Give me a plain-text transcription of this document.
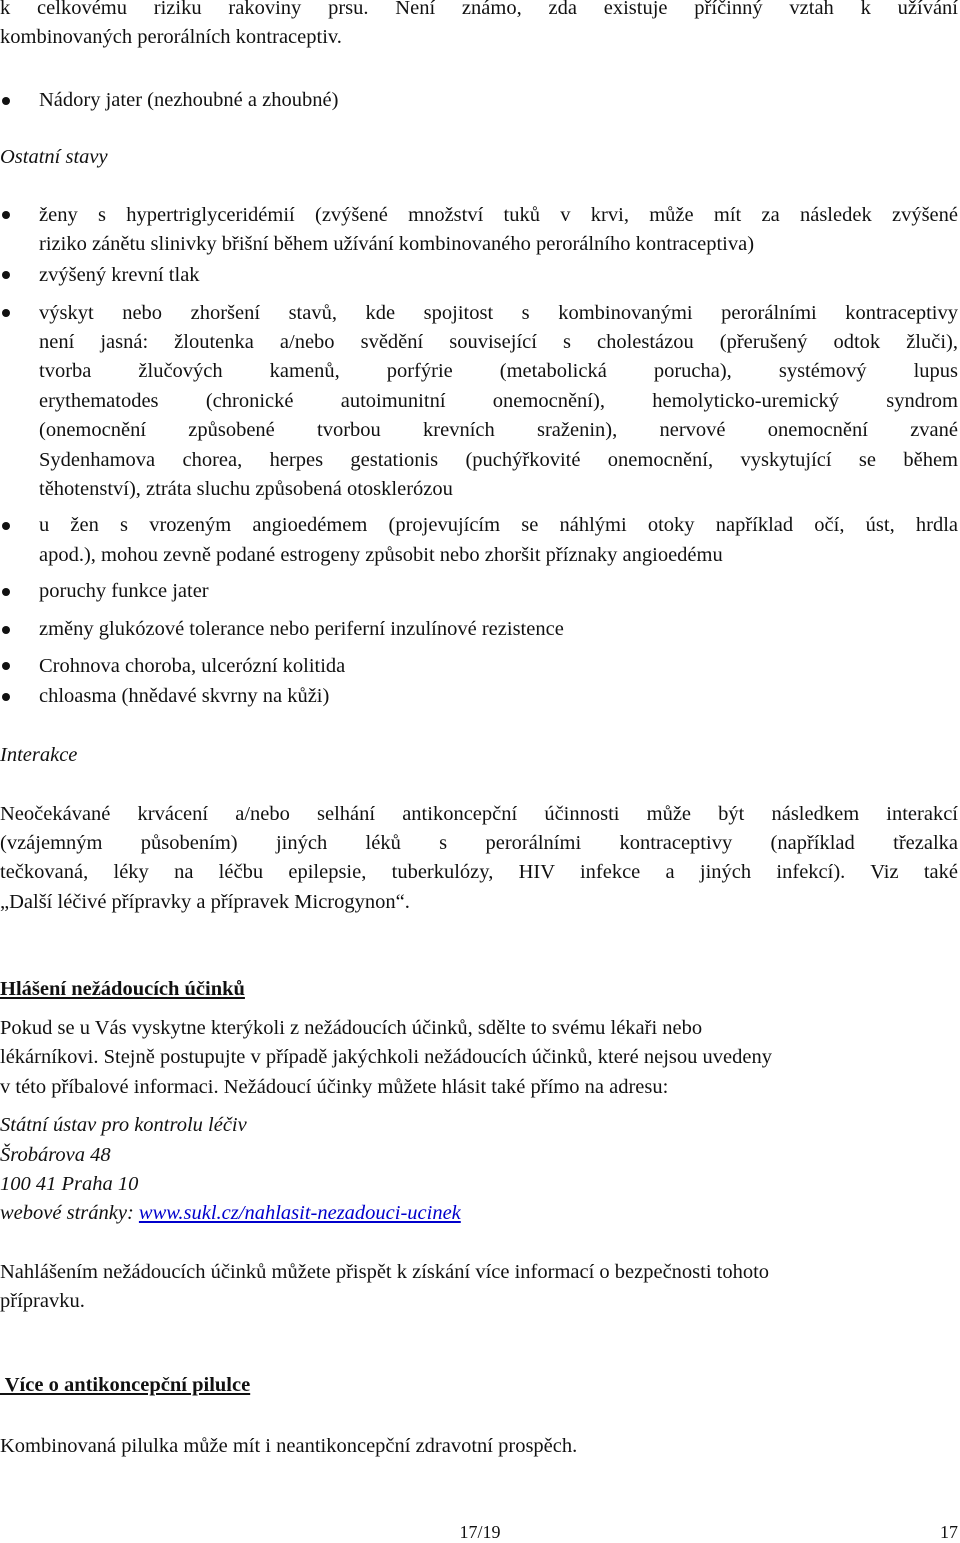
k celkovému riziku rakoviny prsu. Není známo, zda existuje příčinný vztah k užívání
kombinovaných perorálních kontraceptiv.
Nádory jater (nezhoubné a zhoubné)
Ostatní stavy
ženy s hypertriglyceridémií (zvýšené množství tuků v krvi, může mít za následek zvýšené
riziko zánětu slinivky břišní během užívání kombinovaného perorálního kontraceptiva)
zvýšený krevní tlak
výskyt nebo zhoršení stavů, kde spojitost s kombinovanými perorálními kontraceptivy
není jasná: žloutenka a/nebo svědění související s cholestázou (přerušený odtok žluči),
tvorba žlučových kamenů, porfýrie (metabolická porucha), systémový lupus
erythematodes (chronické autoimunitní onemocnění), hemolyticko-uremický syndrom
(onemocnění způsobené tvorbou krevních sraženin), nervové onemocnění zvané
Sydenhamova chorea, herpes gestationis (puchýřkovité onemocnění, vyskytující se během
těhotenství), ztráta sluchu způsobená otosklerózou
u žen s vrozeným angioedémem (projevujícím se náhlými otoky například očí, úst, hrdla
apod.), mohou zevně podané estrogeny způsobit nebo zhoršit příznaky angioedému
poruchy funkce jater
změny glukózové tolerance nebo periferní inzulínové rezistence
Crohnova choroba, ulcerózní kolitida
chloasma (hnědavé skvrny na kůži)
Interakce
Neočekávané krvácení a/nebo selhání antikoncepční účinnosti může být následkem interakcí
(vzájemným působením) jiných léků s perorálními kontraceptivy (například třezalka
tečkovaná, léky na léčbu epilepsie, tuberkulózy, HIV infekce a jiných infekcí). Viz také
„Další léčivé přípravky a přípravek Microgynon“.
Hlášení nežádoucích účinků
Pokud se u Vás vyskytne kterýkoli z nežádoucích účinků, sdělte to svému lékaři nebo
lékárníkovi. Stejně postupujte v případě jakýchkoli nežádoucích účinků, které nejsou uvedeny
v této příbalové informaci. Nežádoucí účinky můžete hlásit také přímo na adresu:
Státní ústav pro kontrolu léčiv
Šrobárova 48
100 41 Praha 10
webové stránky: www.sukl.cz/nahlasit-nezadouci-ucinek
Nahlášením nežádoucích účinků můžete přispět k získání více informací o bezpečnosti tohoto
přípravku.
Více o antikoncepční pilulce
Kombinovaná pilulka může mít i neantikoncepční zdravotní prospěch.
17/19	17
